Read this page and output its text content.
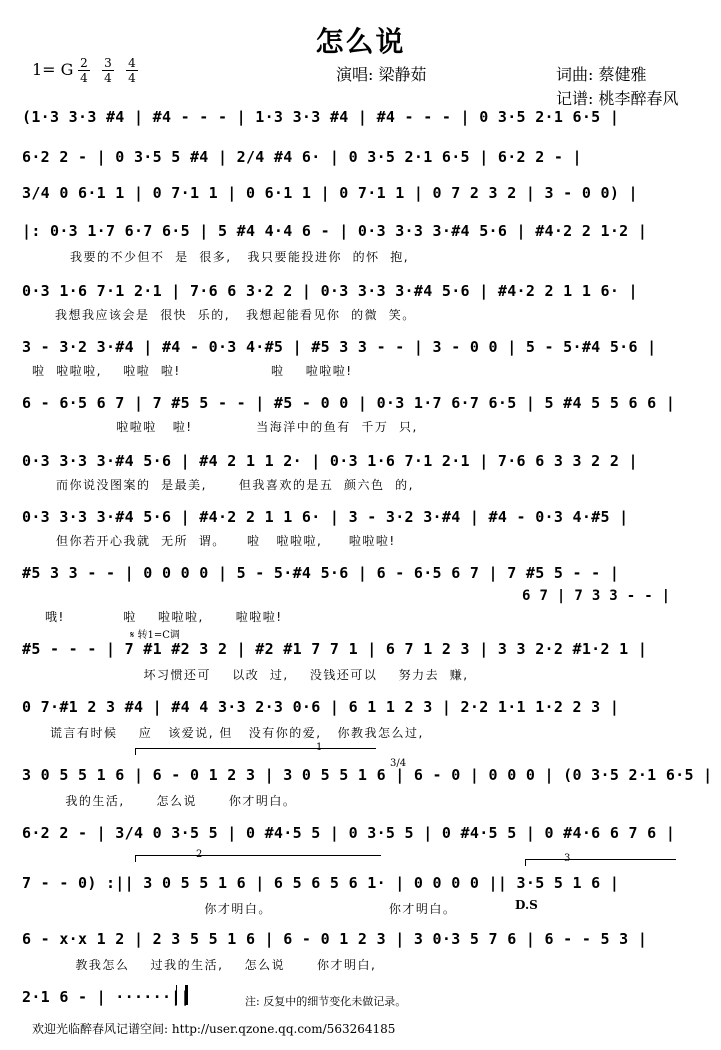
怎么说
1= G 2
4
3
4
4
4	演唱: 梁静茹	词曲: 蔡健雅
记谱: 桃李醉春风
(1·3 3·3 #4 | #4 - - - | 1·3 3·3 #4 | #4 - - - | 0 3·5 2·1 6·5 |
6·2 2 - | 0 3·5 5 #4 | 2/4 #4 6· | 0 3·5 2·1 6·5 | 6·2 2 - |
3/4 0 6·1 1 | 0 7·1 1 | 0 6·1 1 | 0 7·1 1 | 0 7 2 3 2 | 3 - 0 0) |
|: 0·3 1·7 6·7 6·5 | 5 #4 4·4 6 - | 0·3 3·3 3·#4 5·6 | #4·2 2 1·2 |
我要的不少但不  是  很多,   我只要能投进你  的怀  抱,
0·3 1·6 7·1 2·1 | 7·6 6 3·2 2 | 0·3 3·3 3·#4 5·6 | #4·2 2 1 1 6· |
我想我应该会是  很快  乐的,   我想起能看见你  的微  笑。
3 - 3·2 3·#4 | #4 - 0·3 4·#5 | #5 3 3 - - | 3 - 0 0 | 5 - 5·#4 5·6 |
啦  啦啦啦,    啦啦  啦!                 啦    啦啦啦!
6 - 6·5 6 7 | 7 #5 5 - - | #5 - 0 0 | 0·3 1·7 6·7 6·5 | 5 #4 5 5 6 6 |
啦啦啦   啦!            当海洋中的鱼有  千万  只,
0·3 3·3 3·#4 5·6 | #4 2 1 1 2· | 0·3 1·6 7·1 2·1 | 7·6 6 3 3 2 2 |
而你说没图案的  是最美,      但我喜欢的是五  颜六色  的,
0·3 3·3 3·#4 5·6 | #4·2 2 1 1 6· | 3 - 3·2 3·#4 | #4 - 0·3 4·#5 |
但你若开心我就  无所  谓。    啦   啦啦啦,     啦啦啦!
#5 3 3 - - | 0 0 0 0 | 5 - 5·#4 5·6 | 6 - 6·5 6 7 | 7 #5 5 - - |
6 7 | 7 3 3 - - |
哦!           啦    啦啦啦,      啦啦啦!
𝄋 转1=C调
#5 - - - | 7 #1 #2 3 2 | #2 #1 7 7 1 | 6 7 1 2 3 | 3 3 2·2 #1·2 1 |
坏习惯还可    以改  过,    没钱还可以    努力去  赚,
0 7·#1 2 3 #4 | #4 4 3·3 2·3 0·6 | 6 1 1 2 3 | 2·2 1·1 1·2 2 3 |
谎言有时候    应   该爱说, 但   没有你的爱,   你教我怎么过,
1
3/4
3 0 5 5 1 6 | 6 - 0 1 2 3 | 3 0 5 5 1 6 | 6 - 0 | 0 0 0 | (0 3·5 2·1 6·5 |
我的生活,      怎么说      你才明白。
6·2 2 - | 3/4 0 3·5 5 | 0 #4·5 5 | 0 3·5 5 | 0 #4·5 5 | 0 #4·6 6 7 6 |
2	3
7 - - 0) :|| 3 0 5 5 1 6 | 6 5 6 5 6 1· | 0 0 0 0 || 3·5 5 1 6 |
D.S
你才明白。                      你才明白。
6 - x·x 1 2 | 2 3 5 5 1 6 | 6 - 0 1 2 3 | 3 0·3 5 7 6 | 6 - - 5 3 |
教我怎么    过我的生活,    怎么说      你才明白,
2·1 6 - | ······||	注: 反复中的细节变化未做记录。
欢迎光临醉春风记谱空间: http://user.qzone.qq.com/563264185
